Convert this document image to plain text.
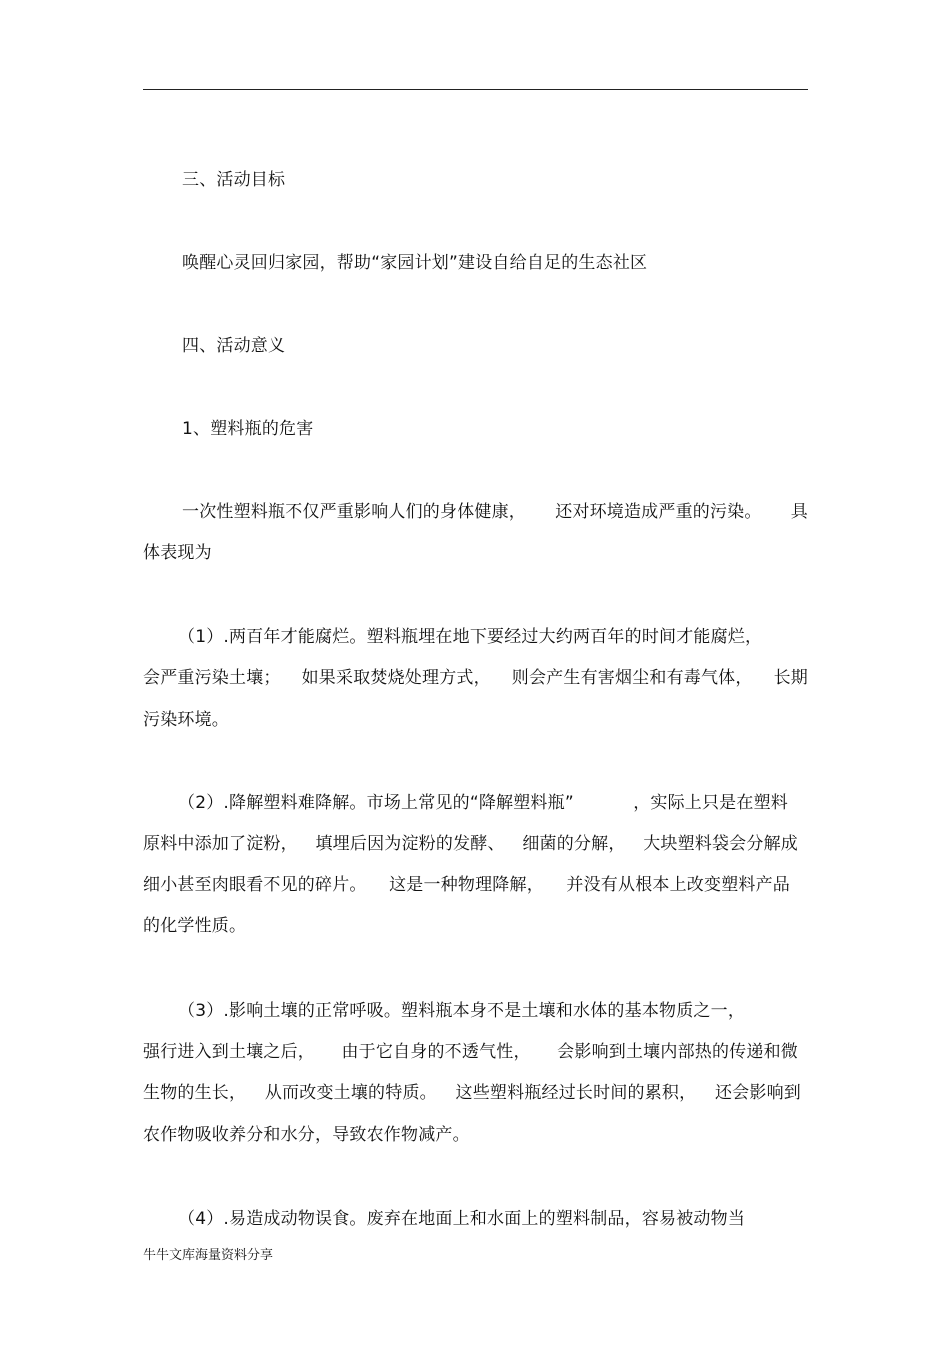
三、活动目标
唤醒心灵回归家园，帮助“家园计划”建设自给自足的生态社区
四、活动意义
1、塑料瓶的危害
一次性塑料瓶不仅严重影响人们的身体健康， 还对环境造成严重的污染。 具
体表现为
（1）.两百年才能腐烂。塑料瓶埋在地下要经过大约两百年的时间才能腐烂，
会严重污染土壤； 如果采取焚烧处理方式， 则会产生有害烟尘和有毒气体， 长期
污染环境。
（2）.降解塑料难降解。市场上常见的“降解塑料瓶”	，实际上只是在塑料
原料中添加了淀粉， 填埋后因为淀粉的发酵、 细菌的分解， 大块塑料袋会分解成
细小甚至肉眼看不见的碎片。 这是一种物理降解， 并没有从根本上改变塑料产品
的化学性质。
（3）.影响土壤的正常呼吸。塑料瓶本身不是土壤和水体的基本物质之一，
强行进入到土壤之后， 由于它自身的不透气性， 会影响到土壤内部热的传递和微
生物的生长， 从而改变土壤的特质。 这些塑料瓶经过长时间的累积， 还会影响到
农作物吸收养分和水分，导致农作物减产。
（4）.易造成动物误食。废弃在地面上和水面上的塑料制品，容易被动物当
牛牛文库海量资料分享
